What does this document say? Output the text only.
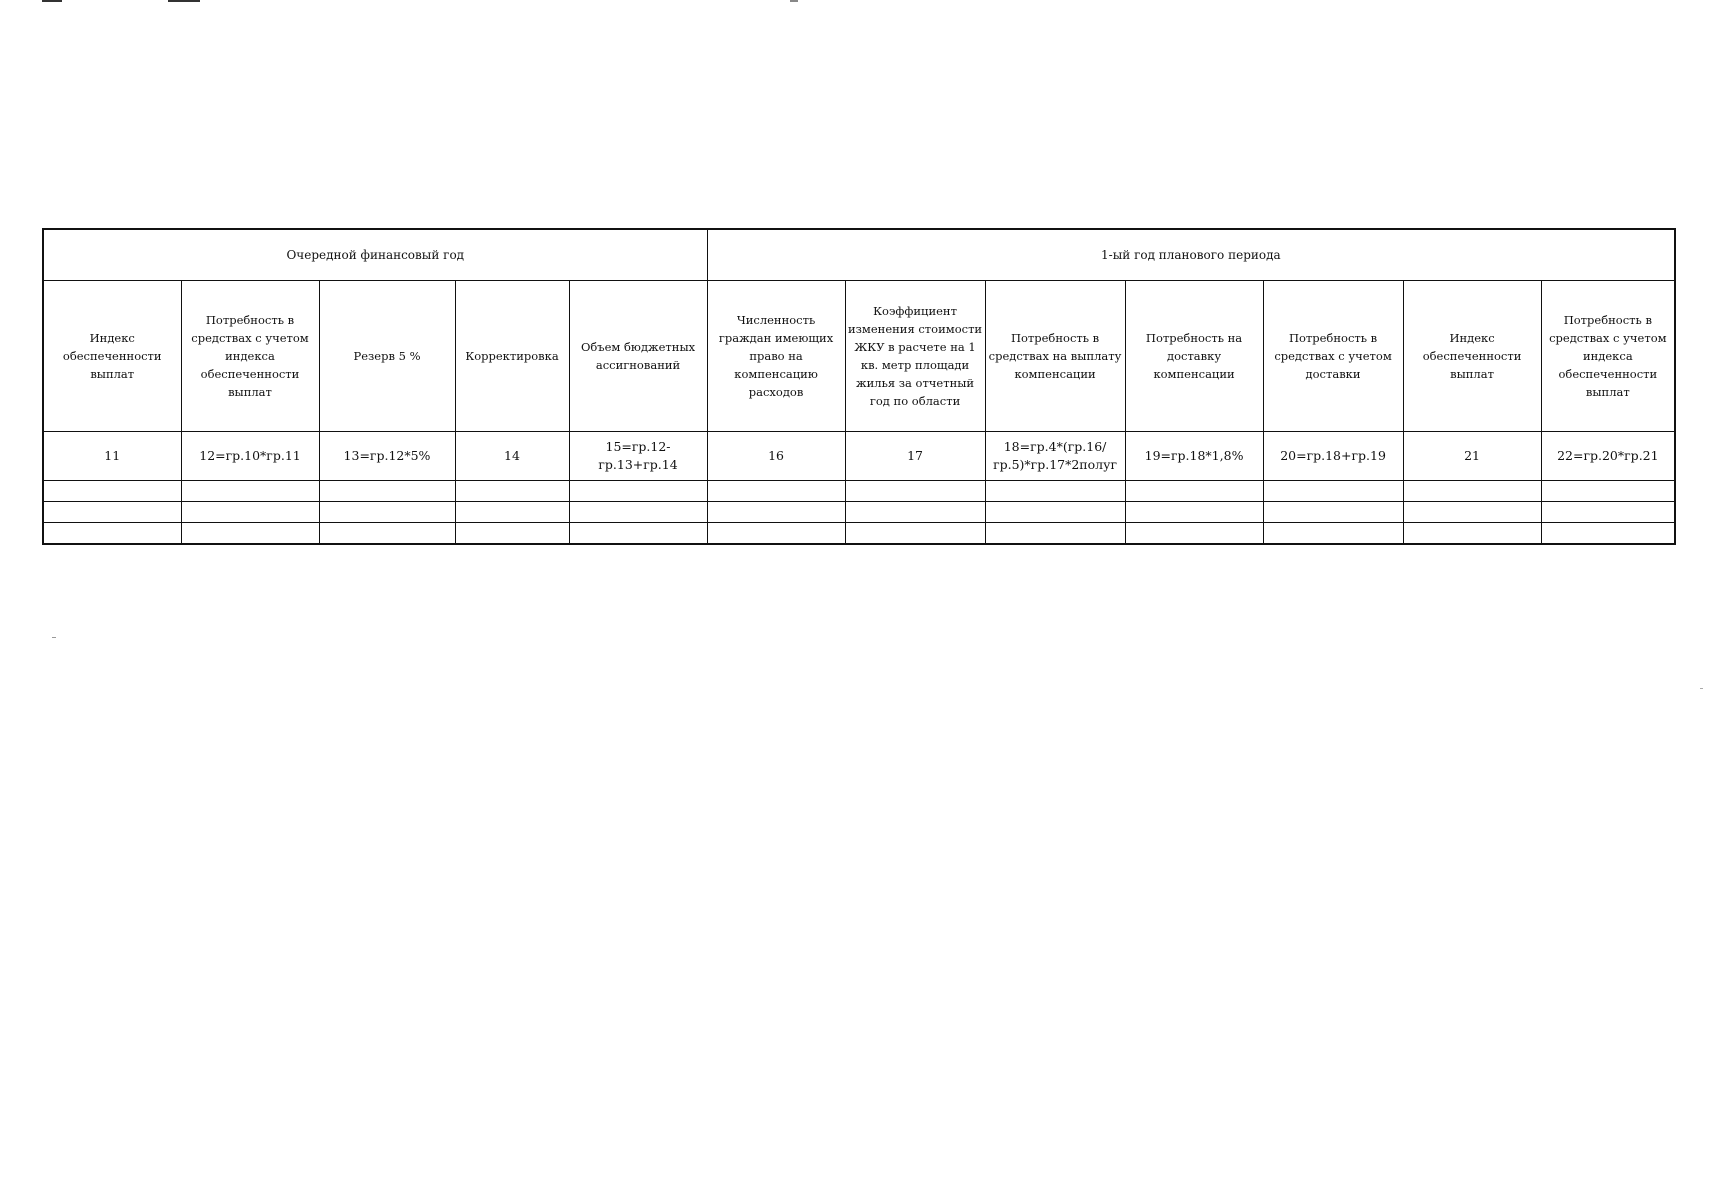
Очередной финансовый год					1-ый год планового периода						
Индекс обеспеченности выплат	Потребность в средствах с учетом индекса обеспеченности выплат	Резерв 5 %	Корректировка	Объем бюджетных ассигнований	Численность граждан имеющих право на компенсацию расходов	Коэффициент изменения стоимости ЖКУ в расчете на 1 кв. метр площади жилья за отчетный год по области	Потребность в средствах на выплату компенсации	Потребность на доставку компенсации	Потребность в средствах с учетом доставки	Индекс обеспеченности выплат	Потребность в средствах с учетом индекса обеспеченности выплат
11	12=гр.10*гр.11	13=гр.12*5%	14	15=гр.12-гр.13+гр.14	16	17	18=гр.4*(гр.16/гр.5)*гр.17*2полуг	19=гр.18*1,8%	20=гр.18+гр.19	21	22=гр.20*гр.21
